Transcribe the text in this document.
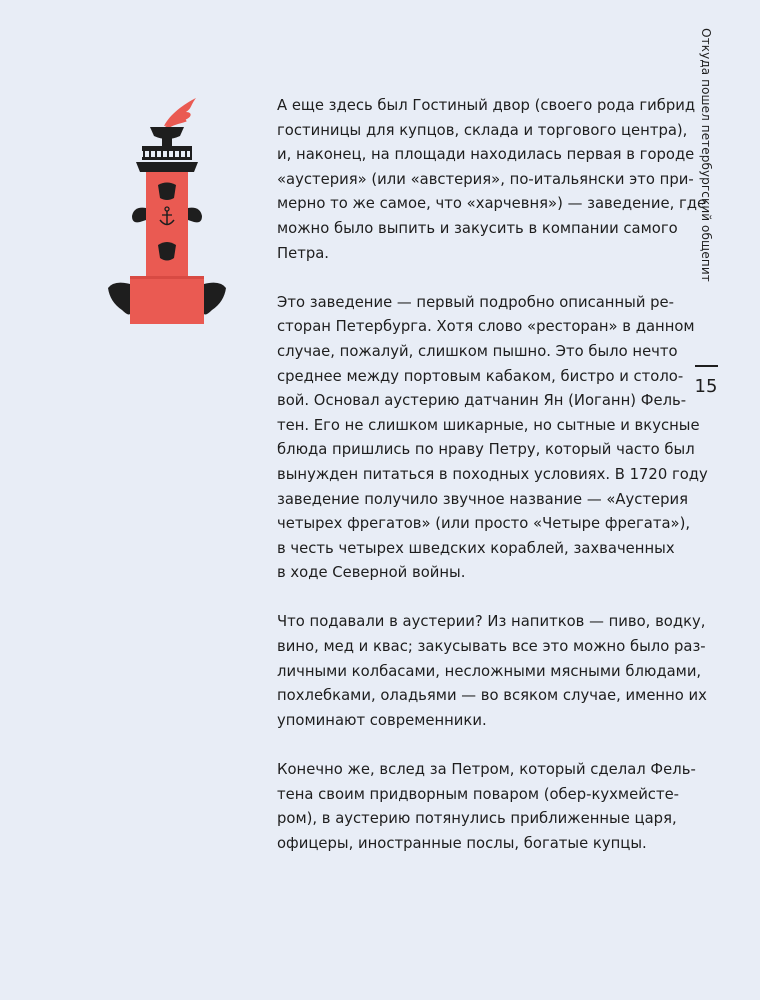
А еще здесь был Гостиный двор (своего рода гибрид
гостиницы для купцов, склада и торгового центра),
и, наконец, на площади находилась первая в городе
«аустерия» (или «австерия», по-итальянски это при-
мерно то же самое, что «харчевня») — заведение, где
можно было выпить и закусить в компании самого
Петра.

Это заведение — первый подробно описанный ре-
сторан Петербурга. Хотя слово «ресторан» в данном
случае, пожалуй, слишком пышно. Это было нечто
среднее между портовым кабаком, бистро и столо-
вой. Основал аустерию датчанин Ян (Иоганн) Фель-
тен. Его не слишком шикарные, но сытные и вкусные
блюда пришлись по нраву Петру, который часто был
вынужден питаться в походных условиях. В 1720 году
заведение получило звучное название — «Аустерия
четырех фрегатов» (или просто «Четыре фрегата»),
в честь четырех шведских кораблей, захваченных
в ходе Северной войны.

Что подавали в аустерии? Из напитков — пиво, водку,
вино, мед и квас; закусывать все это можно было раз-
личными колбасами, несложными мясными блюдами,
похлебками, оладьями — во всяком случае, именно их
упоминают современники.

Конечно же, вслед за Петром, который сделал Фель-
тена своим придворным поваром (обер-кухмейсте-
ром), в аустерию потянулись приближенные царя,
офицеры, иностранные послы, богатые купцы.

Откуда пошел петербургский общепит
15
